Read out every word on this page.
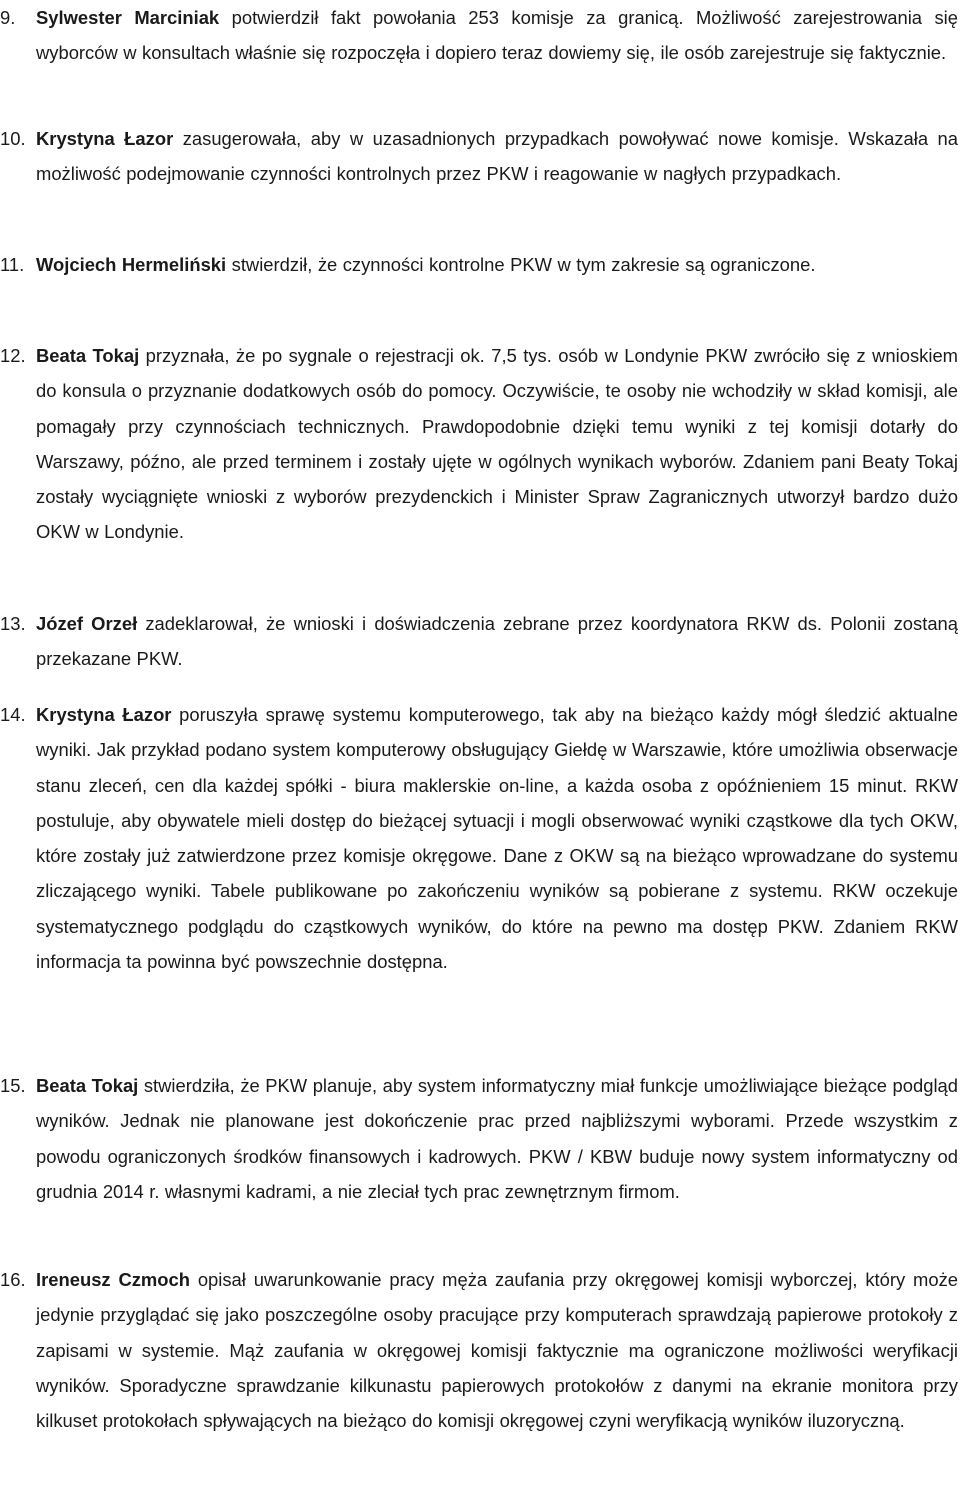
9. Sylwester Marciniak potwierdził fakt powołania 253 komisje za granicą. Możliwość zarejestrowania się wyborców w konsultach właśnie się rozpoczęła i dopiero teraz dowiemy się, ile osób zarejestruje się faktycznie.
10. Krystyna Łazor zasugerowała, aby w uzasadnionych przypadkach powoływać nowe komisje. Wskazała na możliwość podejmowanie czynności kontrolnych przez PKW i reagowanie w nagłych przypadkach.
11. Wojciech Hermeliński stwierdził, że czynności kontrolne PKW w tym zakresie są ograniczone.
12. Beata Tokaj przyznała, że po sygnale o rejestracji ok. 7,5 tys. osób w Londynie PKW zwróciło się z wnioskiem do konsula o przyznanie dodatkowych osób do pomocy. Oczywiście, te osoby nie wchodziły w skład komisji, ale pomagały przy czynnościach technicznych. Prawdopodobnie dzięki temu wyniki z tej komisji dotarły do Warszawy, późno, ale przed terminem i zostały ujęte w ogólnych wynikach wyborów. Zdaniem pani Beaty Tokaj zostały wyciągnięte wnioski z wyborów prezydenckich i Minister Spraw Zagranicznych utworzył bardzo dużo OKW w Londynie.
13. Józef Orzeł zadeklarował, że wnioski i doświadczenia zebrane przez koordynatora RKW ds. Polonii zostaną przekazane PKW.
14. Krystyna Łazor poruszyła sprawę systemu komputerowego, tak aby na bieżąco każdy mógł śledzić aktualne wyniki. Jak przykład podano system komputerowy obsługujący Giełdę w Warszawie, które umożliwia obserwacje stanu zleceń, cen dla każdej spółki - biura maklerskie on-line, a każda osoba z opóźnieniem 15 minut. RKW postuluje, aby obywatele mieli dostęp do bieżącej sytuacji i mogli obserwować wyniki cząstkowe dla tych OKW, które zostały już zatwierdzone przez komisje okręgowe. Dane z OKW są na bieżąco wprowadzane do systemu zliczającego wyniki. Tabele publikowane po zakończeniu wyników są pobierane z systemu. RKW oczekuje systematycznego podglądu do cząstkowych wyników, do które na pewno ma dostęp PKW. Zdaniem RKW informacja ta powinna być powszechnie dostępna.
15. Beata Tokaj stwierdziła, że PKW planuje, aby system informatyczny miał funkcje umożliwiające bieżące podgląd wyników. Jednak nie planowane jest dokończenie prac przed najbliższymi wyborami. Przede wszystkim z powodu ograniczonych środków finansowych i kadrowych. PKW / KBW buduje nowy system informatyczny od grudnia 2014 r. własnymi kadrami, a nie zleciał tych prac zewnętrznym firmom.
16. Ireneusz Czmoch opisał uwarunkowanie pracy męża zaufania przy okręgowej komisji wyborczej, który może jedynie przyglądać się jako poszczególne osoby pracujące przy komputerach sprawdzają papierowe protokoły z zapisami w systemie. Mąż zaufania w okręgowej komisji faktycznie ma ograniczone możliwości weryfikacji wyników. Sporadyczne sprawdzanie kilkunastu papierowych protokołów z danymi na ekranie monitora przy kilkuset protokołach spływających na bieżąco do komisji okręgowej czyni weryfikacją wyników iluzoryczną.
